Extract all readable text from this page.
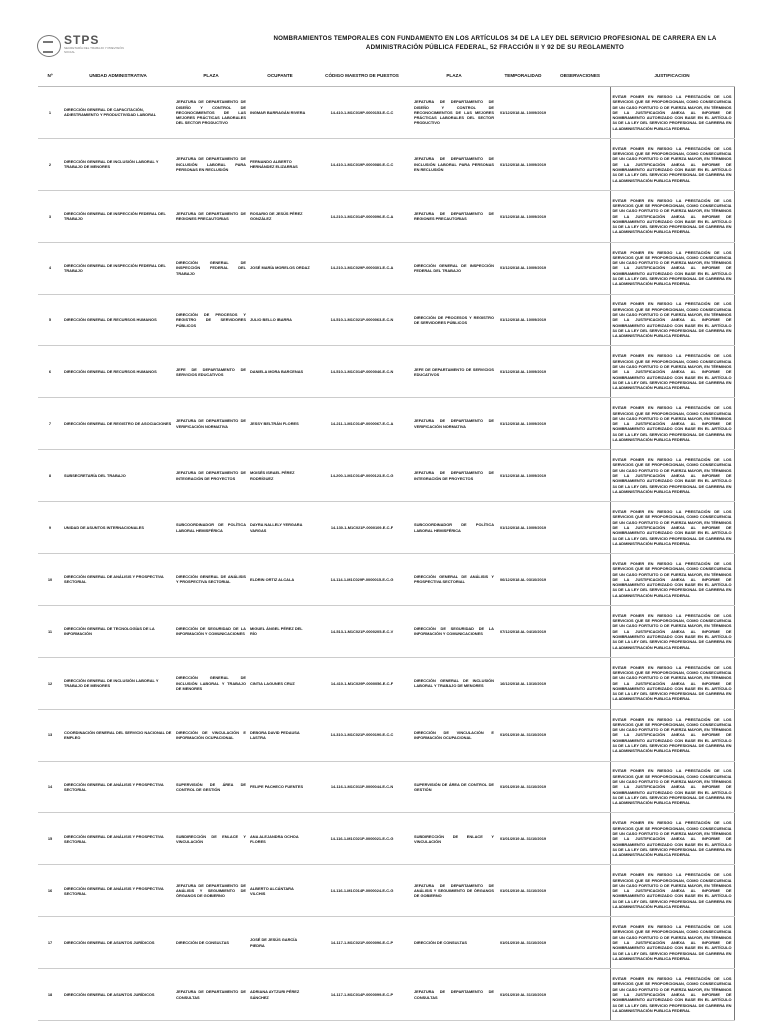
STPS
SECRETARÍA DEL TRABAJO Y PREVISIÓN SOCIAL
NOMBRAMIENTOS TEMPORALES CON FUNDAMENTO EN LOS ARTÍCULOS 34 DE LA LEY DEL SERVICIO PROFESIONAL DE CARRERA EN LA ADMINISTRACIÓN PÚBLICA FEDERAL, 52 FRACCIÓN II Y 92 DE SU REGLAMENTO
Nº	UNIDAD ADMINISTRATIVA	PLAZA	OCUPANTE	CÓDIGO MAESTRO DE PUESTOS	PLAZA	TEMPORALIDAD	OBSERVACIONES	JUSTIFICACION
1	DIRECCIÓN GENERAL DE CAPACITACIÓN, ADIESTRAMIENTO Y PRODUCTIVIDAD LABORAL	JEFATURA DE DEPARTAMENTO DE DISEÑO Y CONTROL DE RECONOCIMIENTOS DE LAS MEJORES PRÁCTICAS LABORALES DEL SECTOR PRODUCTIVO	INGMAR BARRAGÁN RIVERA	14-410-1-M1C019P-0000153-E-C-C	JEFATURA DE DEPARTAMENTO DE DISEÑO Y CONTROL DE RECONOCIMIENTOS DE LAS MEJORES PRÁCTICAS LABORALES DEL SECTOR PRODUCTIVO	01/12/2018 AL 10/09/2019		EVITAR PONER EN RIESGO LA PRESTACIÓN DE LOS SERVICIOS QUE SE PROPORCIONAN, COMO CONSECUENCIA DE UN CASO FORTUITO O DE FUERZA MAYOR, EN TÉRMINOS DE LA JUSTIFICACIÓN ANEXA AL INFORME DE NOMBRAMIENTO AUTORIZADO CON BASE EN EL ARTÍCULO 34 DE LA LEY DEL SERVICIO PROFESIONAL DE CARRERA EN LA ADMINISTRACIÓN PUBLICA FEDERAL
2	DIRECCIÓN GENERAL DE INCLUSIÓN LABORAL Y TRABAJO DE MENORES	JEFATURA DE DEPARTAMENTO DE INCLUSIÓN LABORAL PARA PERSONAS EN RECLUSIÓN	FERNANDO ALBERTO HERNÁNDEZ ELIZARRAS	14-410-1-M1C019P-0000080-E-C-C	JEFATURA DE DEPARTAMENTO DE INCLUSIÓN LABORAL PARA PERSONAS EN RECLUSIÓN	01/12/2018 AL 10/09/2019		EVITAR PONER EN RIESGO LA PRESTACIÓN DE LOS SERVICIOS QUE SE PROPORCIONAN, COMO CONSECUENCIA DE UN CASO FORTUITO O DE FUERZA MAYOR, EN TÉRMINOS DE LA JUSTIFICACIÓN ANEXA AL INFORME DE NOMBRAMIENTO AUTORIZADO CON BASE EN EL ARTÍCULO 34 DE LA LEY DEL SERVICIO PROFESIONAL DE CARRERA EN LA ADMINISTRACIÓN PUBLICA FEDERAL
3	DIRECCIÓN GENERAL DE INSPECCIÓN FEDERAL DEL TRABAJO	JEFATURA DE DEPARTAMENTO DE REGIONES PRECAUTORIAS	ROSARIO DE JESÚS PÉREZ GONZÁLEZ	14-210-1-M1C014P-0000096-E-C-A	JEFATURA DE DEPARTAMENTO DE REGIONES PRECAUTORIAS	01/12/2018 AL 10/09/2019		EVITAR PONER EN RIESGO LA PRESTACIÓN DE LOS SERVICIOS QUE SE PROPORCIONAN, COMO CONSECUENCIA DE UN CASO FORTUITO O DE FUERZA MAYOR, EN TÉRMINOS DE LA JUSTIFICACIÓN ANEXA AL INFORME DE NOMBRAMIENTO AUTORIZADO CON BASE EN EL ARTÍCULO 34 DE LA LEY DEL SERVICIO PROFESIONAL DE CARRERA EN LA ADMINISTRACIÓN PUBLICA FEDERAL
4	DIRECCIÓN GENERAL DE INSPECCIÓN FEDERAL DEL TRABAJO	DIRECCIÓN GENERAL DE INSPECCIÓN FEDERAL DEL TRABAJO	JOSÉ MARÍA MORELOS ORDAZ	14-210-1-M1C029P-0000301-E-C-A	DIRECCIÓN GENERAL DE INSPECCIÓN FEDERAL DEL TRABAJO	01/12/2018 AL 10/09/2019		EVITAR PONER EN RIESGO LA PRESTACIÓN DE LOS SERVICIOS QUE SE PROPORCIONAN, COMO CONSECUENCIA DE UN CASO FORTUITO O DE FUERZA MAYOR, EN TÉRMINOS DE LA JUSTIFICACIÓN ANEXA AL INFORME DE NOMBRAMIENTO AUTORIZADO CON BASE EN EL ARTÍCULO 34 DE LA LEY DEL SERVICIO PROFESIONAL DE CARRERA EN LA ADMINISTRACIÓN PUBLICA FEDERAL
5	DIRECCIÓN GENERAL DE RECURSOS HUMANOS	DIRECCIÓN DE PROCESOS Y REGISTRO DE SERVIDORES PÚBLICOS	JULIO BELLO IBARRA	14-510-1-M1C021P-0000063-E-C-N	DIRECCIÓN DE PROCESOS Y REGISTRO DE SERVIDORES PÚBLICOS	01/12/2018 AL 10/09/2019		EVITAR PONER EN RIESGO LA PRESTACIÓN DE LOS SERVICIOS QUE SE PROPORCIONAN, COMO CONSECUENCIA DE UN CASO FORTUITO O DE FUERZA MAYOR, EN TÉRMINOS DE LA JUSTIFICACIÓN ANEXA AL INFORME DE NOMBRAMIENTO AUTORIZADO CON BASE EN EL ARTÍCULO 34 DE LA LEY DEL SERVICIO PROFESIONAL DE CARRERA EN LA ADMINISTRACIÓN PUBLICA FEDERAL
6	DIRECCIÓN GENERAL DE RECURSOS HUMANOS	JEFE DE DEPARTAMENTO DE SERVICIOS EDUCATIVOS	DANIELA MORA BARCENAS	14-510-1-M1C014P-0000046-E-C-N	JEFE DE DEPARTAMENTO DE SERVICIOS EDUCATIVOS	01/12/2018 AL 10/09/2019		EVITAR PONER EN RIESGO LA PRESTACIÓN DE LOS SERVICIOS QUE SE PROPORCIONAN, COMO CONSECUENCIA DE UN CASO FORTUITO O DE FUERZA MAYOR, EN TÉRMINOS DE LA JUSTIFICACIÓN ANEXA AL INFORME DE NOMBRAMIENTO AUTORIZADO CON BASE EN EL ARTÍCULO 34 DE LA LEY DEL SERVICIO PROFESIONAL DE CARRERA EN LA ADMINISTRACIÓN PUBLICA FEDERAL
7	DIRECCIÓN GENERAL DE REGISTRO DE ASOCIACIONES	JEFATURA DE DEPARTAMENTO DE VERIFICACIÓN NORMATIVA	JESSY BELTRÁN FLORES	14-211-1-M1C014P-0000067-E-C-A	JEFATURA DE DEPARTAMENTO DE VERIFICACIÓN NORMATIVA	01/12/2018 AL 10/09/2019		EVITAR PONER EN RIESGO LA PRESTACIÓN DE LOS SERVICIOS QUE SE PROPORCIONAN, COMO CONSECUENCIA DE UN CASO FORTUITO O DE FUERZA MAYOR, EN TÉRMINOS DE LA JUSTIFICACIÓN ANEXA AL INFORME DE NOMBRAMIENTO AUTORIZADO CON BASE EN EL ARTÍCULO 34 DE LA LEY DEL SERVICIO PROFESIONAL DE CARRERA EN LA ADMINISTRACIÓN PUBLICA FEDERAL
8	SUBSECRETARÍA DEL TRABAJO	JEFATURA DE DEPARTAMENTO DE INTEGRACIÓN DE PROYECTOS	MOISÉS ISRAEL PÉREZ RODRÍGUEZ	14-200-1-M1C014P-0000123-E-C-G	JEFATURA DE DEPARTAMENTO DE INTEGRACIÓN DE PROYECTOS	01/12/2018 AL 10/09/2019		EVITAR PONER EN RIESGO LA PRESTACIÓN DE LOS SERVICIOS QUE SE PROPORCIONAN, COMO CONSECUENCIA DE UN CASO FORTUITO O DE FUERZA MAYOR, EN TÉRMINOS DE LA JUSTIFICACIÓN ANEXA AL INFORME DE NOMBRAMIENTO AUTORIZADO CON BASE EN EL ARTÍCULO 34 DE LA LEY DEL SERVICIO PROFESIONAL DE CARRERA EN LA ADMINISTRACIÓN PUBLICA FEDERAL
9	UNIDAD DE ASUNTOS INTERNACIONALES	SUBCOORDINADOR DE POLÍTICA LABORAL HEMISFÉRICA	DAYRA NALLELY YERGARA VARGAS	14-130-1-M1C021P-0000109-E-C-F	SUBCOORDINADOR DE POLÍTICA LABORAL HEMISFÉRICA	01/12/2018 AL 10/09/2019		EVITAR PONER EN RIESGO LA PRESTACIÓN DE LOS SERVICIOS QUE SE PROPORCIONAN, COMO CONSECUENCIA DE UN CASO FORTUITO O DE FUERZA MAYOR, EN TÉRMINOS DE LA JUSTIFICACIÓN ANEXA AL INFORME DE NOMBRAMIENTO AUTORIZADO CON BASE EN EL ARTÍCULO 34 DE LA LEY DEL SERVICIO PROFESIONAL DE CARRERA EN LA ADMINISTRACIÓN PUBLICA FEDERAL
10	DIRECCIÓN GENERAL DE ANÁLISIS Y PROSPECTIVA SECTORIAL	DIRECCIÓN GENERAL DE ANÁLISIS Y PROSPECTIVA SECTORIAL	ELDRIN ORTIZ ALCALA	14-114-1-M1C029P-0000015-E-C-G	DIRECCIÓN GENERAL DE ANÁLISIS Y PROSPECTIVA SECTORIAL	06/12/2018 AL 03/10/2019		EVITAR PONER EN RIESGO LA PRESTACIÓN DE LOS SERVICIOS QUE SE PROPORCIONAN, COMO CONSECUENCIA DE UN CASO FORTUITO O DE FUERZA MAYOR, EN TÉRMINOS DE LA JUSTIFICACIÓN ANEXA AL INFORME DE NOMBRAMIENTO AUTORIZADO CON BASE EN EL ARTÍCULO 34 DE LA LEY DEL SERVICIO PROFESIONAL DE CARRERA EN LA ADMINISTRACIÓN PUBLICA FEDERAL
11	DIRECCIÓN GENERAL DE TECNOLOGÍAS DE LA INFORMACIÓN	DIRECCIÓN DE SEGURIDAD DE LA INFORMACIÓN Y COMUNICACIONES	MIGUEL ÁNGEL PÉREZ DEL RÍO	14-513-1-M1C021P-0000205-E-C-V	DIRECCIÓN DE SEGURIDAD DE LA INFORMACIÓN Y COMUNICACIONES	07/12/2018 AL 04/10/2019		EVITAR PONER EN RIESGO LA PRESTACIÓN DE LOS SERVICIOS QUE SE PROPORCIONAN, COMO CONSECUENCIA DE UN CASO FORTUITO O DE FUERZA MAYOR, EN TÉRMINOS DE LA JUSTIFICACIÓN ANEXA AL INFORME DE NOMBRAMIENTO AUTORIZADO CON BASE EN EL ARTÍCULO 34 DE LA LEY DEL SERVICIO PROFESIONAL DE CARRERA EN LA ADMINISTRACIÓN PUBLICA FEDERAL
12	DIRECCIÓN GENERAL DE INCLUSIÓN LABORAL Y TRABAJO DE MENORES	DIRECCIÓN GENERAL DE INCLUSIÓN LABORAL Y TRABAJO DE MENORES	CINTIA LAGUNES CRUZ	14-410-1-M1C029P-0000056-E-C-F	DIRECCIÓN GENERAL DE INCLUSIÓN LABORAL Y TRABAJO DE MENORES	16/12/2018 AL 13/10/2019		EVITAR PONER EN RIESGO LA PRESTACIÓN DE LOS SERVICIOS QUE SE PROPORCIONAN, COMO CONSECUENCIA DE UN CASO FORTUITO O DE FUERZA MAYOR, EN TÉRMINOS DE LA JUSTIFICACIÓN ANEXA AL INFORME DE NOMBRAMIENTO AUTORIZADO CON BASE EN EL ARTÍCULO 34 DE LA LEY DEL SERVICIO PROFESIONAL DE CARRERA EN LA ADMINISTRACIÓN PUBLICA FEDERAL
13	COORDINACIÓN GENERAL DEL SERVICIO NACIONAL DE EMPLEO	DIRECCIÓN DE VINCULACIÓN E INFORMACIÓN OCUPACIONAL	DEBORA DAVID PEDAUSA LASTRA	14-310-1-M1C021P-0000190-E-C-C	DIRECCIÓN DE VINCULACIÓN E INFORMACIÓN OCUPACIONAL	01/01/2019 AL 31/10/2019		EVITAR PONER EN RIESGO LA PRESTACIÓN DE LOS SERVICIOS QUE SE PROPORCIONAN, COMO CONSECUENCIA DE UN CASO FORTUITO O DE FUERZA MAYOR, EN TÉRMINOS DE LA JUSTIFICACIÓN ANEXA AL INFORME DE NOMBRAMIENTO AUTORIZADO CON BASE EN EL ARTÍCULO 34 DE LA LEY DEL SERVICIO PROFESIONAL DE CARRERA EN LA ADMINISTRACIÓN PUBLICA FEDERAL
14	DIRECCIÓN GENERAL DE ANÁLISIS Y PROSPECTIVA SECTORIAL	SUPERVISIÓN DE ÁREA DE CONTROL DE GESTIÓN	FELIPE PACHECO FUENTES	14-116-1-M1C011P-0000044-E-C-N	SUPERVISIÓN DE ÁREA DE CONTROL DE GESTIÓN	01/01/2019 AL 31/10/2019		EVITAR PONER EN RIESGO LA PRESTACIÓN DE LOS SERVICIOS QUE SE PROPORCIONAN, COMO CONSECUENCIA DE UN CASO FORTUITO O DE FUERZA MAYOR, EN TÉRMINOS DE LA JUSTIFICACIÓN ANEXA AL INFORME DE NOMBRAMIENTO AUTORIZADO CON BASE EN EL ARTÍCULO 34 DE LA LEY DEL SERVICIO PROFESIONAL DE CARRERA EN LA ADMINISTRACIÓN PUBLICA FEDERAL
15	DIRECCIÓN GENERAL DE ANÁLISIS Y PROSPECTIVA SECTORIAL	SUBDIRECCIÓN DE ENLACE Y VINCULACIÓN	ANA ALEJANDRA OCHOA FLORES	14-116-1-M1C021P-0000021-E-C-G	SUBDIRECCIÓN DE ENLACE Y VINCULACIÓN	01/01/2019 AL 31/10/2019		EVITAR PONER EN RIESGO LA PRESTACIÓN DE LOS SERVICIOS QUE SE PROPORCIONAN, COMO CONSECUENCIA DE UN CASO FORTUITO O DE FUERZA MAYOR, EN TÉRMINOS DE LA JUSTIFICACIÓN ANEXA AL INFORME DE NOMBRAMIENTO AUTORIZADO CON BASE EN EL ARTÍCULO 34 DE LA LEY DEL SERVICIO PROFESIONAL DE CARRERA EN LA ADMINISTRACIÓN PUBLICA FEDERAL
16	DIRECCIÓN GENERAL DE ANÁLISIS Y PROSPECTIVA SECTORIAL	JEFATURA DE DEPARTAMENTO DE ANÁLISIS Y SEGUIMIENTO DE ÓRGANOS DE GOBIERNO	ALBERTO ALCÁNTARA VILCHIS	14-116-1-M1C014P-0000024-E-C-G	JEFATURA DE DEPARTAMENTO DE ANÁLISIS Y SEGUIMIENTO DE ÓRGANOS DE GOBIERNO	01/01/2019 AL 31/10/2019		EVITAR PONER EN RIESGO LA PRESTACIÓN DE LOS SERVICIOS QUE SE PROPORCIONAN, COMO CONSECUENCIA DE UN CASO FORTUITO O DE FUERZA MAYOR, EN TÉRMINOS DE LA JUSTIFICACIÓN ANEXA AL INFORME DE NOMBRAMIENTO AUTORIZADO CON BASE EN EL ARTÍCULO 34 DE LA LEY DEL SERVICIO PROFESIONAL DE CARRERA EN LA ADMINISTRACIÓN PUBLICA FEDERAL
17	DIRECCIÓN GENERAL DE ASUNTOS JURÍDICOS	DIRECCIÓN DE CONSULTAS	JOSÉ DE JESÚS GARCÍA PIEDRA	14-117-1-M1C021P-0000096-E-C-P	DIRECCIÓN DE CONSULTAS	01/01/2019 AL 31/10/2019		EVITAR PONER EN RIESGO LA PRESTACIÓN DE LOS SERVICIOS QUE SE PROPORCIONAN, COMO CONSECUENCIA DE UN CASO FORTUITO O DE FUERZA MAYOR, EN TÉRMINOS DE LA JUSTIFICACIÓN ANEXA AL INFORME DE NOMBRAMIENTO AUTORIZADO CON BASE EN EL ARTÍCULO 34 DE LA LEY DEL SERVICIO PROFESIONAL DE CARRERA EN LA ADMINISTRACIÓN PUBLICA FEDERAL
18	DIRECCIÓN GENERAL DE ASUNTOS JURÍDICOS	JEFATURA DE DEPARTAMENTO DE CONSULTAS	ADRIANA AYTZURI PÉREZ SÁNCHEZ	14-117-1-M1C014P-0000099-E-C-P	JEFATURA DE DEPARTAMENTO DE CONSULTAS	01/01/2019 AL 31/10/2019		EVITAR PONER EN RIESGO LA PRESTACIÓN DE LOS SERVICIOS QUE SE PROPORCIONAN, COMO CONSECUENCIA DE UN CASO FORTUITO O DE FUERZA MAYOR, EN TÉRMINOS DE LA JUSTIFICACIÓN ANEXA AL INFORME DE NOMBRAMIENTO AUTORIZADO CON BASE EN EL ARTÍCULO 34 DE LA LEY DEL SERVICIO PROFESIONAL DE CARRERA EN LA ADMINISTRACIÓN PUBLICA FEDERAL
